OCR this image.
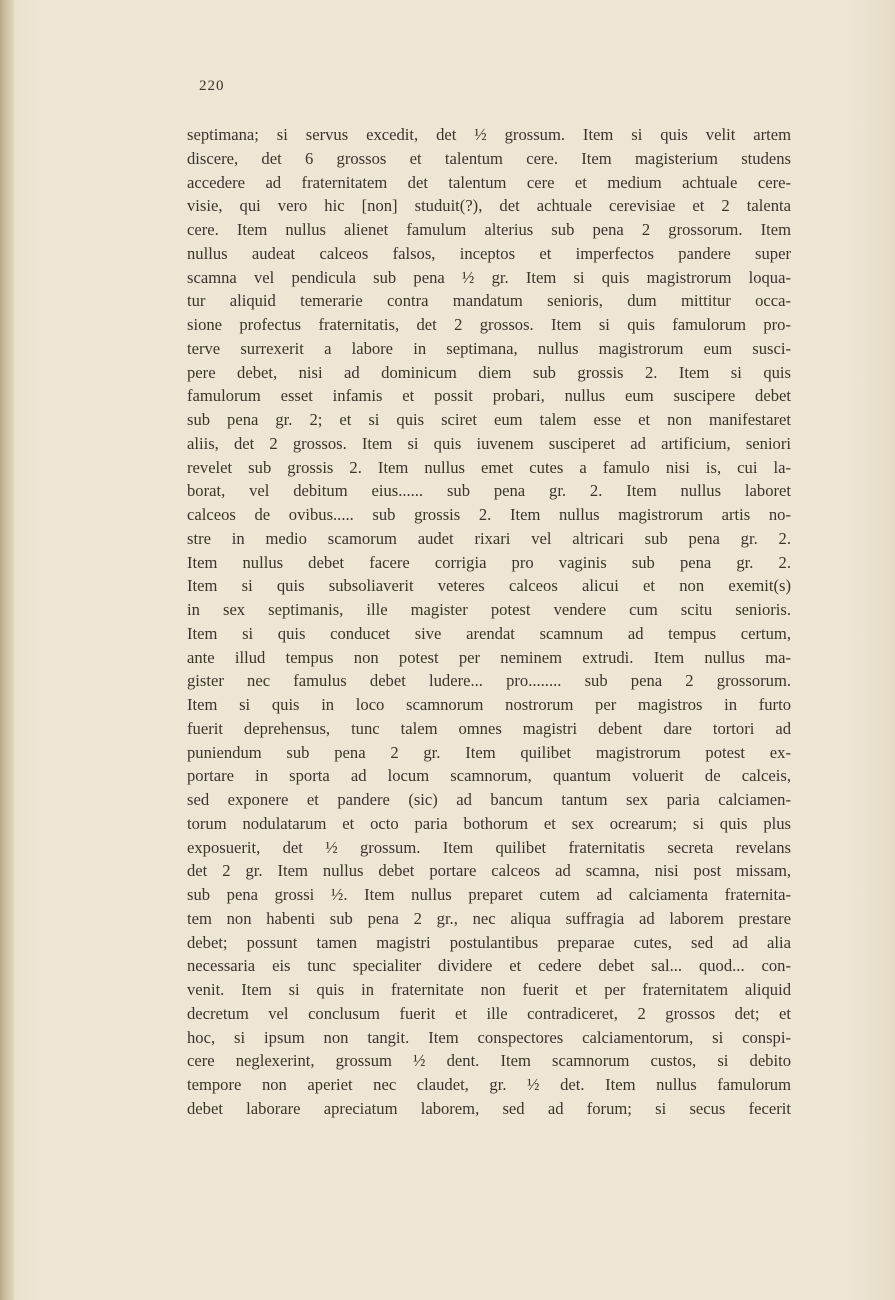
220
septimana; si servus excedit, det ½ grossum. Item si quis velit artem
discere, det 6 grossos et talentum cere. Item magisterium studens
accedere ad fraternitatem det talentum cere et medium achtuale cere-
visie, qui vero hic [non] studuit(?), det achtuale cerevisiae et 2 talenta
cere. Item nullus alienet famulum alterius sub pena 2 grossorum. Item
nullus audeat calceos falsos, inceptos et imperfectos pandere super
scamna vel pendicula sub pena ½ gr. Item si quis magistrorum loqua-
tur aliquid temerarie contra mandatum senioris, dum mittitur occa-
sione profectus fraternitatis, det 2 grossos. Item si quis famulorum pro-
terve surrexerit a labore in septimana, nullus magistrorum eum susci-
pere debet, nisi ad dominicum diem sub grossis 2. Item si quis
famulorum esset infamis et possit probari, nullus eum suscipere debet
sub pena gr. 2; et si quis sciret eum talem esse et non manifestaret
aliis, det 2 grossos. Item si quis iuvenem susciperet ad artificium, seniori
revelet sub grossis 2. Item nullus emet cutes a famulo nisi is, cui la-
borat, vel debitum eius...... sub pena gr. 2. Item nullus laboret
calceos de ovibus..... sub grossis 2. Item nullus magistrorum artis no-
stre in medio scamorum audet rixari vel altricari sub pena gr. 2.
Item nullus debet facere corrigia pro vaginis sub pena gr. 2.
Item si quis subsoliaverit veteres calceos alicui et non exemit(s)
in sex septimanis, ille magister potest vendere cum scitu senioris.
Item si quis conducet sive arendat scamnum ad tempus certum,
ante illud tempus non potest per neminem extrudi. Item nullus ma-
gister nec famulus debet ludere... pro........ sub pena 2 grossorum.
Item si quis in loco scamnorum nostrorum per magistros in furto
fuerit deprehensus, tunc talem omnes magistri debent dare tortori ad
puniendum sub pena 2 gr. Item quilibet magistrorum potest ex-
portare in sporta ad locum scamnorum, quantum voluerit de calceis,
sed exponere et pandere (sic) ad bancum tantum sex paria calciamen-
torum nodulatarum et octo paria bothorum et sex ocrearum; si quis plus
exposuerit, det ½ grossum. Item quilibet fraternitatis secreta revelans
det 2 gr. Item nullus debet portare calceos ad scamna, nisi post missam,
sub pena grossi ½. Item nullus preparet cutem ad calciamenta fraternita-
tem non habenti sub pena 2 gr., nec aliqua suffragia ad laborem prestare
debet; possunt tamen magistri postulantibus preparae cutes, sed ad alia
necessaria eis tunc specialiter dividere et cedere debet sal... quod... con-
venit. Item si quis in fraternitate non fuerit et per fraternitatem aliquid
decretum vel conclusum fuerit et ille contradiceret, 2 grossos det; et
hoc, si ipsum non tangit. Item conspectores calciamentorum, si conspi-
cere neglexerint, grossum ½ dent. Item scamnorum custos, si debito
tempore non aperiet nec claudet, gr. ½ det. Item nullus famulorum
debet laborare apreciatum laborem, sed ad forum; si secus fecerit
